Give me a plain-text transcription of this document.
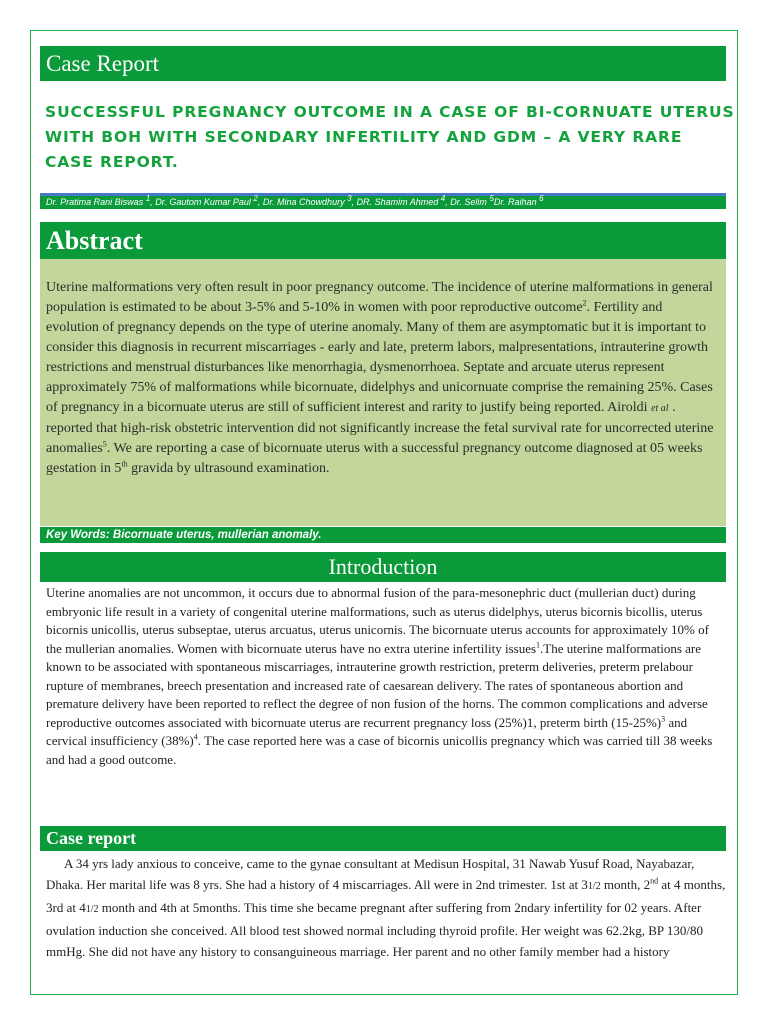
Case Report
SUCCESSFUL PREGNANCY OUTCOME IN A CASE OF BI-CORNUATE UTERUS WITH BOH WITH SECONDARY INFERTILITY AND GDM – A VERY RARE CASE REPORT.
Dr. Pratima Rani Biswas $^1$, Dr. Gautom Kumar Paul $^2$, Dr. Mina Chowdhury $^3$, DR. Shamim Ahmed $^4$, Dr. Selim $^5$Dr. Raihan $^6$
Abstract
Uterine malformations very often result in poor pregnancy outcome. The incidence of uterine malformations in general population is estimated to be about 3-5% and 5-10% in women with poor reproductive outcome$^2$. Fertility and evolution of pregnancy depends on the type of uterine anomaly. Many of them are asymptomatic but it is important to consider this diagnosis in recurrent miscarriages - early and late, preterm labors, malpresentations, intrauterine growth restrictions and menstrual disturbances like menorrhagia, dysmenorrhoea. Septate and arcuate uterus represent approximately 75% of malformations while bicornuate, didelphys and unicornuate comprise the remaining 25%. Cases of pregnancy in a bicornuate uterus are still of sufficient interest and rarity to justify being reported. Airoldi et al . reported that high-risk obstetric intervention did not significantly increase the fetal survival rate for uncorrected uterine anomalies$^5$. We are reporting a case of bicornuate uterus with a successful pregnancy outcome diagnosed at 05 weeks gestation in 5th gravida by ultrasound examination.
Key Words: Bicornuate uterus, mullerian anomaly.
Introduction
Uterine anomalies are not uncommon, it occurs due to abnormal fusion of the para-mesonephric duct (mullerian duct) during embryonic life result in a variety of congenital uterine malformations, such as uterus didelphys, uterus bicornis bicollis, uterus bicornis unicollis, uterus subseptae, uterus arcuatus, uterus unicornis. The bicornuate uterus accounts for approximately 10% of the mullerian anomalies. Women with bicornuate uterus have no extra uterine infertility issues$^1$.The uterine malformations are known to be associated with spontaneous miscarriages, intrauterine growth restriction, preterm deliveries, preterm prelabour rupture of membranes, breech presentation and increased rate of caesarean delivery. The rates of spontaneous abortion and premature delivery have been reported to reflect the degree of non fusion of the horns. The common complications and adverse reproductive outcomes associated with bicornuate uterus are recurrent pregnancy loss (25%)1, preterm birth $(15-25\%)^3$ and cervical insufficiency $(38\%)^4$. The case reported here was a case of bicornis unicollis pregnancy which was carried till 38 weeks and had a good outcome.
Case report
A 34 yrs lady anxious to conceive, came to the gynae consultant at Medisun Hospital, 31 Nawab Yusuf Road, Nayabazar, Dhaka. Her marital life was 8 yrs. She had a history of 4 miscarriages. All were in 2nd trimester. 1st at 31/2 month, 2nd at 4 months, 3rd at 41/2 month and 4th at 5months. This time she became pregnant after suffering from 2ndary infertility for 02 years. After ovulation induction she conceived. All blood test showed normal including thyroid profile. Her weight was 62.2kg, BP 130/80 mmHg. She did not have any history to consanguineous marriage. Her parent and no other family member had a history
